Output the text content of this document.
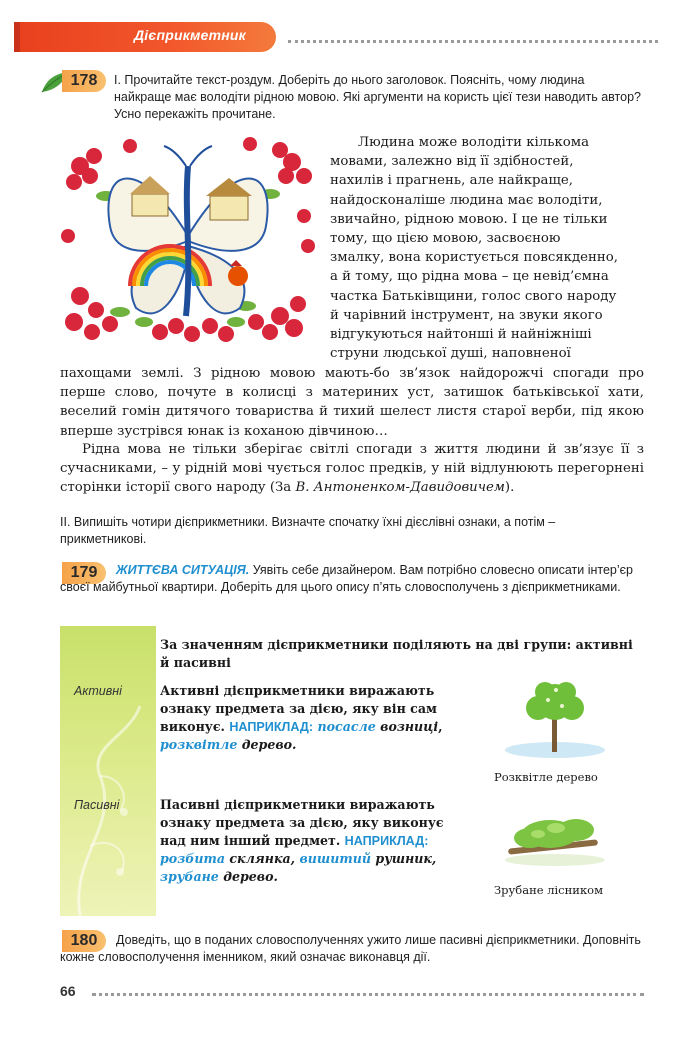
Дієприкметник
178	І. Прочитайте текст-роздум. Доберіть до нього заголовок. Поясніть, чому людина найкраще має володіти рідною мовою. Які аргументи на користь цієї тези наводить автор? Усно перекажіть прочитане.
Людина може володіти кількома
мовами, залежно від її здібностей,
нахилів і прагнень, але найкраще,
найдосконаліше людина має володіти,
звичайно, рідною мовою. І це не тільки
тому, що цією мовою, засвоєною
змалку, вона користується повсякденно,
а й тому, що рідна мова – це невід’ємна
частка Батьківщини, голос свого народу
й чарівний інструмент, на звуки якого
відгукуються найтонші й найніжніші
струни людської душі, наповненої
пахощами землі. З рідною мовою мають-бо зв’язок найдорожчі спогади про перше слово, почуте в колисці з материних уст, затишок батьківської хати, веселий гомін дитячого товариства й тихий шелест листя старої верби, під якою вперше зустрівся юнак із коханою дівчиною…
Рідна мова не тільки зберігає світлі спогади з життя людини й зв’язує її з сучасниками, – у рідній мові чується голос предків, у ній відлунюють перегорнені сторінки історії свого народу (За В. Антоненком-Давидовичем).
ІІ. Випишіть чотири дієприкметники. Визначте спочатку їхні дієслівні ознаки, а потім – прикметникові.
179	ЖИТТЄВА СИТУАЦІЯ. Уявіть себе дизайнером. Вам потрібно словесно описати інтер’єр своєї майбутньої квартири. Доберіть для цього опису п’ять словосполучень з дієприкметниками.
За значенням дієприкметники поділяють на дві групи: активні й пасивні
Активні	Активні дієприкметники виражають ознаку предмета за дією, яку він сам виконує. НАПРИКЛАД: посасле возниці, розквітле дерево.
Розквітле дерево
Пасивні	Пасивні дієприкметники виражають ознаку предмета за дією, яку виконує над ним інший предмет. НАПРИКЛАД: розбита склянка, вишитий рушник, зрубане дерево.
Зрубане лісником
180	Доведіть, що в поданих словосполученнях ужито лише пасивні дієприкметники. Доповніть кожне словосполучення іменником, який означає виконавця дії.
66
